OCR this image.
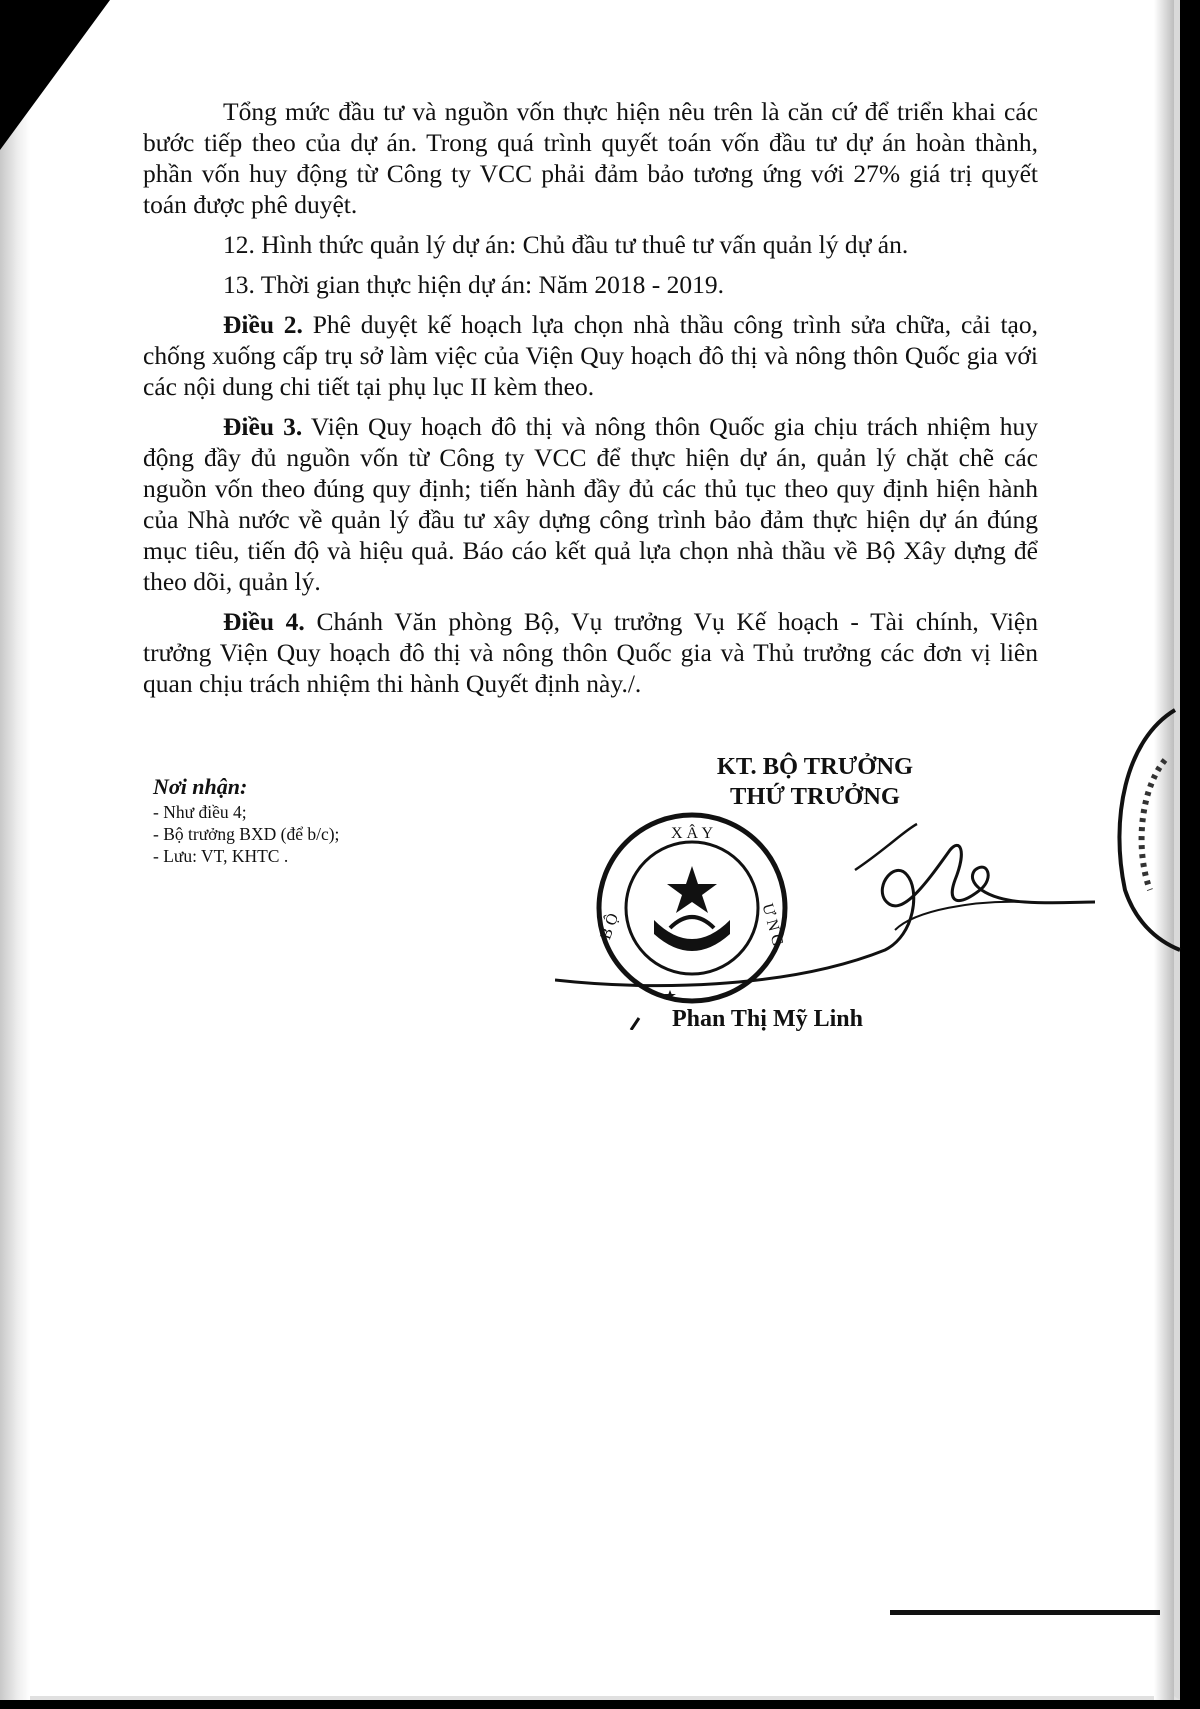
Tổng mức đầu tư và nguồn vốn thực hiện nêu trên là căn cứ để triển khai các bước tiếp theo của dự án. Trong quá trình quyết toán vốn đầu tư dự án hoàn thành, phần vốn huy động từ Công ty VCC phải đảm bảo tương ứng với 27% giá trị quyết toán được phê duyệt.

12. Hình thức quản lý dự án: Chủ đầu tư thuê tư vấn quản lý dự án.

13. Thời gian thực hiện dự án: Năm 2018 - 2019.

Điều 2. Phê duyệt kế hoạch lựa chọn nhà thầu công trình sửa chữa, cải tạo, chống xuống cấp trụ sở làm việc của Viện Quy hoạch đô thị và nông thôn Quốc gia với các nội dung chi tiết tại phụ lục II kèm theo.

Điều 3. Viện Quy hoạch đô thị và nông thôn Quốc gia chịu trách nhiệm huy động đầy đủ nguồn vốn từ Công ty VCC để thực hiện dự án, quản lý chặt chẽ các nguồn vốn theo đúng quy định; tiến hành đầy đủ các thủ tục theo quy định hiện hành của Nhà nước về quản lý đầu tư xây dựng công trình bảo đảm thực hiện dự án đúng mục tiêu, tiến độ và hiệu quả. Báo cáo kết quả lựa chọn nhà thầu về Bộ Xây dựng để theo dõi, quản lý.

Điều 4. Chánh Văn phòng Bộ, Vụ trưởng Vụ Kế hoạch - Tài chính, Viện trưởng Viện Quy hoạch đô thị và nông thôn Quốc gia và Thủ trưởng các đơn vị liên quan chịu trách nhiệm thi hành Quyết định này./.

Nơi nhận:
- Như điều 4;
- Bộ trưởng BXD (để b/c);
- Lưu: VT, KHTC .
KT. BỘ TRƯỞNG
THỨ TRƯỞNG
X Â Y
B Ộ	Ư N G
Phan Thị Mỹ Linh
